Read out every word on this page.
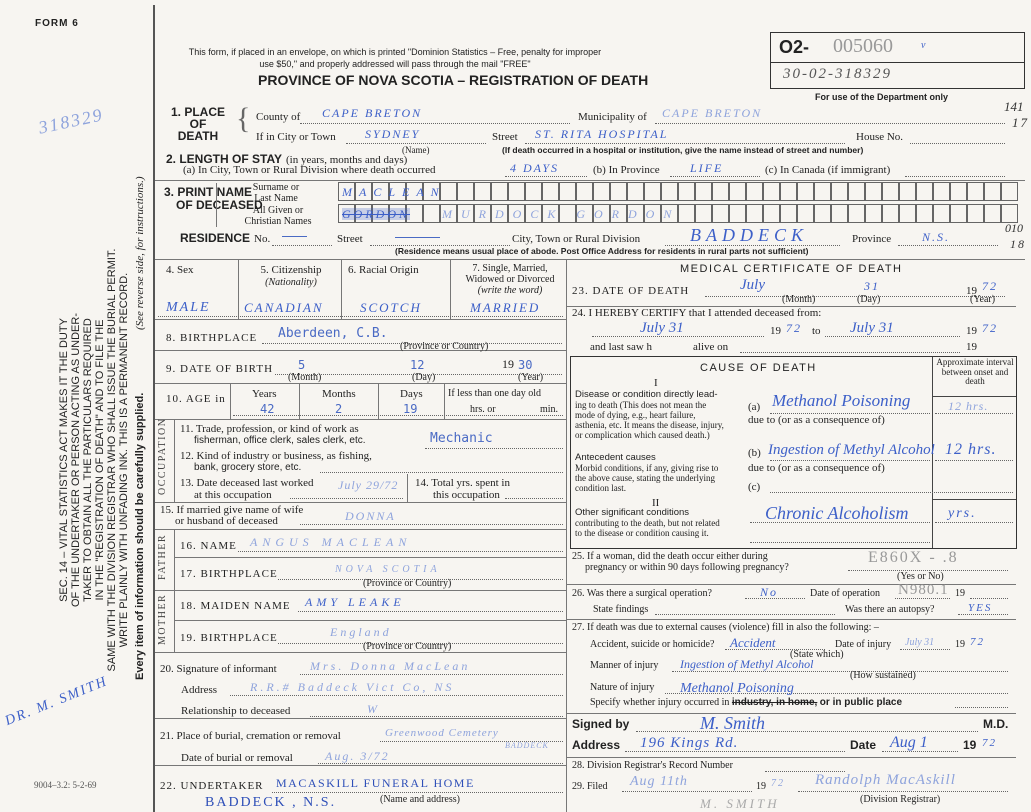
FORM 6
318329
SEC. 14 – VITAL STATISTICS ACT MAKES IT THE DUTY OF THE UNDERTAKER OR PERSON ACTING AS UNDER- TAKER TO OBTAIN ALL THE PARTICULARS REQUIRED IN THE "REGISTRATION OF DEATH" AND TO FILE THE SAME WITH THE DIVISION REGISTRAR WHO SHALL ISSUE THE BURIAL PERMIT. WRITE PLAINLY WITH UNFADING INK. THIS IS A PERMANENT RECORD. Every item of information should be carefully supplied.
(See reverse side, for instructions.)
DR. M. SMITH
9004–3.2: 5-2-69
This form, if placed in an envelope, on which is printed "Dominion Statistics – Free, penalty for improper
use $50," and properly addressed will pass through the mail "FREE"
PROVINCE OF NOVA SCOTIA – REGISTRATION OF DEATH
O2- 005060	v
30-02-318329
For use of the Department only
141
17
010
18
1. PLACE OF DEATH
{ County of CAPE BRETON	Municipality of CAPE BRETON
If in City or Town SYDNEY
(Name)
Street ST. RITA HOSPITAL	House No.
(If death occurred in a hospital or institution, give the name instead of street and number)
2. LENGTH OF STAY (in years, months and days)
(a) In City, Town or Rural Division where death occurred	4 DAYS	(b) In Province	LIFE	(c) In Canada (if immigrant)
3. PRINT NAME
OF DECEASED
Surname or
Last Name
All Given or
Christian Names
MACLEAN
GORDON	MURDOCK GORDON
RESIDENCE No.	Street	City, Town or Rural Division	BADDECK	Province	N.S.
(Residence means usual place of abode. Post Office Address for residents in rural parts not sufficient)
4. Sex
MALE
5. Citizenship
(Nationality)
CANADIAN
6. Racial Origin
SCOTCH
7. Single, Married,
Widowed or Divorced
(write the word)
MARRIED
8. BIRTHPLACE Aberdeen, C.B.
(Province or Country)
9. DATE OF BIRTH 5	12	19 30
(Month)	(Day)	(Year)
10. AGE in Years
42
Months
2
Days
19
If less than one day old
hrs. or	min.
OCCUPATION 11. Trade, profession, or kind of work as
fisherman, office clerk, sales clerk, etc.	Mechanic
12. Kind of industry or business, as fishing,
bank, grocery store, etc.
13. Date deceased last worked
at this occupation
July 29/72 14. Total yrs. spent in
this occupation
15. If married give name of wife
or husband of deceased	DONNA
FATHER 16. NAME ANGUS MACLEAN
17. BIRTHPLACE	NOVA SCOTIA
(Province or Country)
MOTHER 18. MAIDEN NAME AMY LEAKE
19. BIRTHPLACE	England
(Province or Country)
20. Signature of informant	Mrs. Donna MacLean
Address	R.R.# Baddeck Vict Co, NS
Relationship to deceased	W
21. Place of burial, cremation or removal	Greenwood Cemetery
BADDECK
Date of burial or removal	Aug. 3/72
22. UNDERTAKER MACASKILL FUNERAL HOME
(Name and address)
BADDECK , N.S.
MEDICAL CERTIFICATE OF DEATH
23. DATE OF DEATH	July	31	19 72
(Month)	(Day)	(Year)
24. I HEREBY CERTIFY that I attended deceased from:
July 31	19 72 to July 31	19 72
and last saw h	alive on	19
CAUSE OF DEATH	Approximate interval between onset and death
I
Disease or condition directly lead-
ing to death (This does not mean the mode of dying, e.g., heart failure, asthenia, etc. It means the disease, injury, or complication which caused death.)
Antecedent causes
Morbid conditions, if any, giving rise to the above cause, stating the underlying condition last.
(a) Methanol Poisoning	12 hrs.
due to (or as a consequence of)
(b) Ingestion of Methyl Alcohol 12 hrs.
due to (or as a consequence of)
(c)
II
Other significant conditions
contributing to the death, but not related to the disease or condition causing it.
Chronic Alcoholism	yrs.
25. If a woman, did the death occur either during
pregnancy or within 90 days following pregnancy?
E860X - .8
(Yes or No)
26. Was there a surgical operation?	No	Date of operation N980.1 19
State findings	Was there an autopsy?	YES
27. If death was due to external causes (violence) fill in also the following: –
Accident, suicide or homicide? Accident
(State which)
Date of injury July 31 19 72
Manner of injury Ingestion of Methyl Alcohol
(How sustained)
Nature of injury Methanol Poisoning
Specify whether injury occurred in industry, in home, or in public place
Signed by	M. Smith	M.D.
Address 196 Kings Rd.	Date Aug 1	19 72
28. Division Registrar's Record Number
29. Filed Aug 11th	19 72 Randolph MacAskill
(Division Registrar)
M. SMITH
